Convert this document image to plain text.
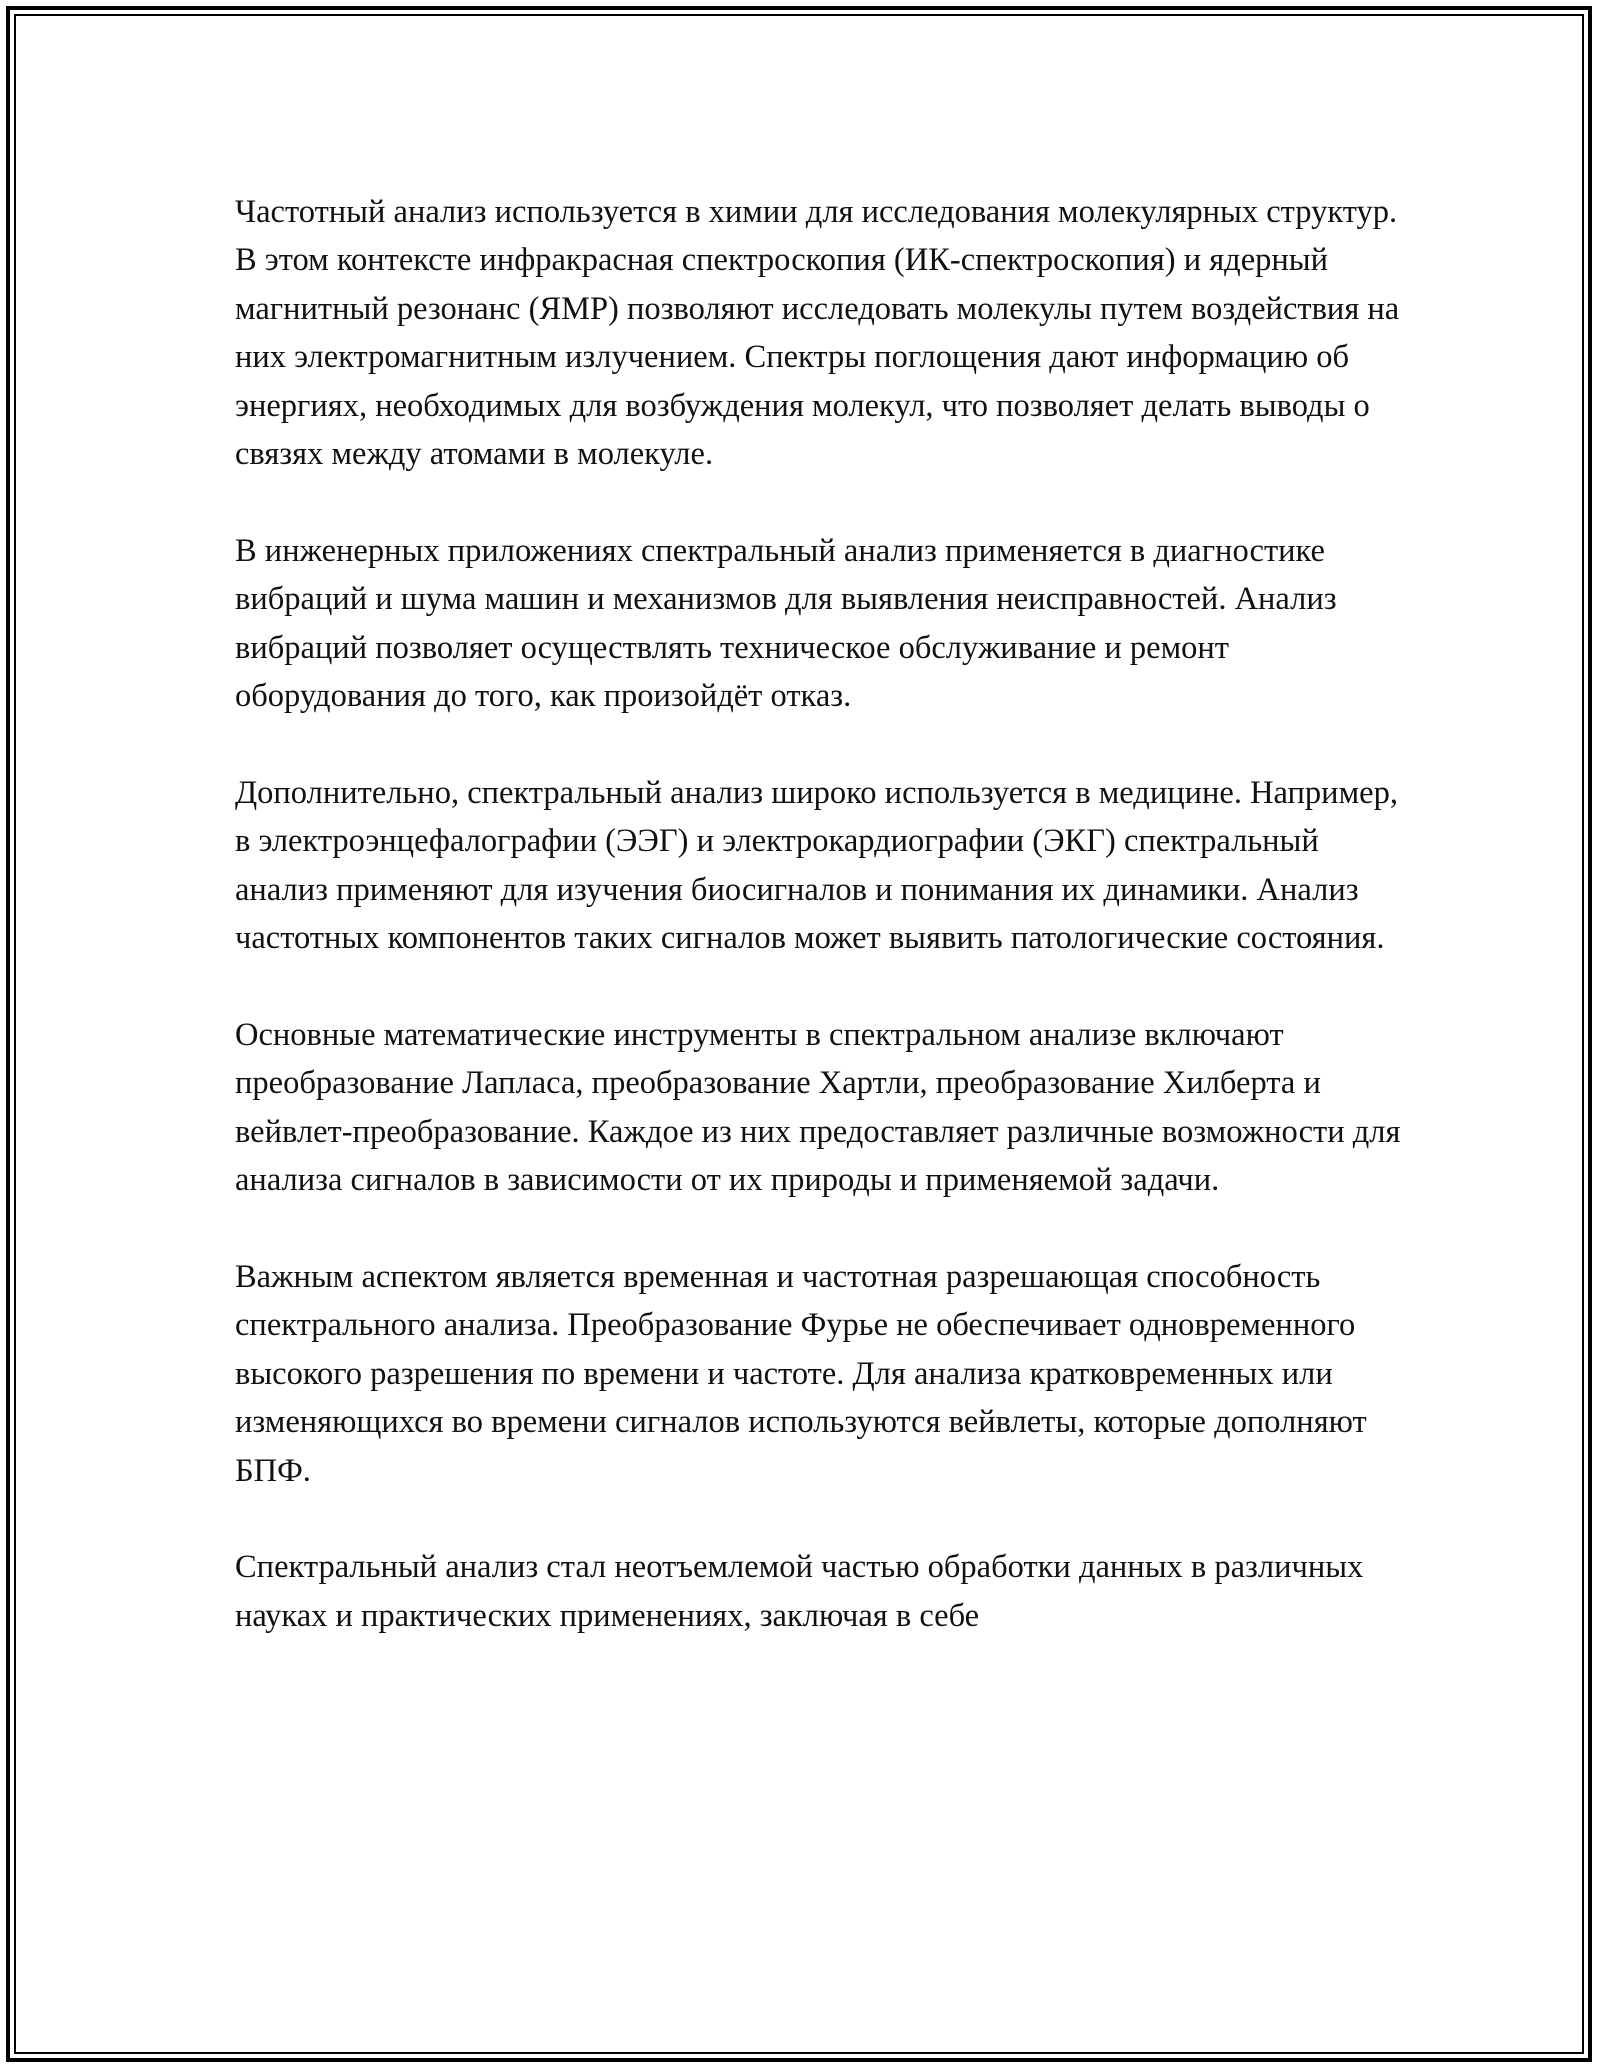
Частотный анализ используется в химии для исследования молекулярных структур. В этом контексте инфракрасная спектроскопия (ИК-спектроскопия) и ядерный магнитный резонанс (ЯМР) позволяют исследовать молекулы путем воздействия на них электромагнитным излучением. Спектры поглощения дают информацию об энергиях, необходимых для возбуждения молекул, что позволяет делать выводы о связях между атомами в молекуле.

В инженерных приложениях спектральный анализ применяется в диагностике вибраций и шума машин и механизмов для выявления неисправностей. Анализ вибраций позволяет осуществлять техническое обслуживание и ремонт оборудования до того, как произойдёт отказ.

Дополнительно, спектральный анализ широко используется в медицине. Например, в электроэнцефалографии (ЭЭГ) и электрокардиографии (ЭКГ) спектральный анализ применяют для изучения биосигналов и понимания их динамики. Анализ частотных компонентов таких сигналов может выявить патологические состояния.

Основные математические инструменты в спектральном анализе включают преобразование Лапласа, преобразование Хартли, преобразование Хилберта и вейвлет-преобразование. Каждое из них предоставляет различные возможности для анализа сигналов в зависимости от их природы и применяемой задачи.

Важным аспектом является временная и частотная разрешающая способность спектрального анализа. Преобразование Фурье не обеспечивает одновременного высокого разрешения по времени и частоте. Для анализа кратковременных или изменяющихся во времени сигналов используются вейвлеты, которые дополняют БПФ.

Спектральный анализ стал неотъемлемой частью обработки данных в различных науках и практических применениях, заключая в себе
